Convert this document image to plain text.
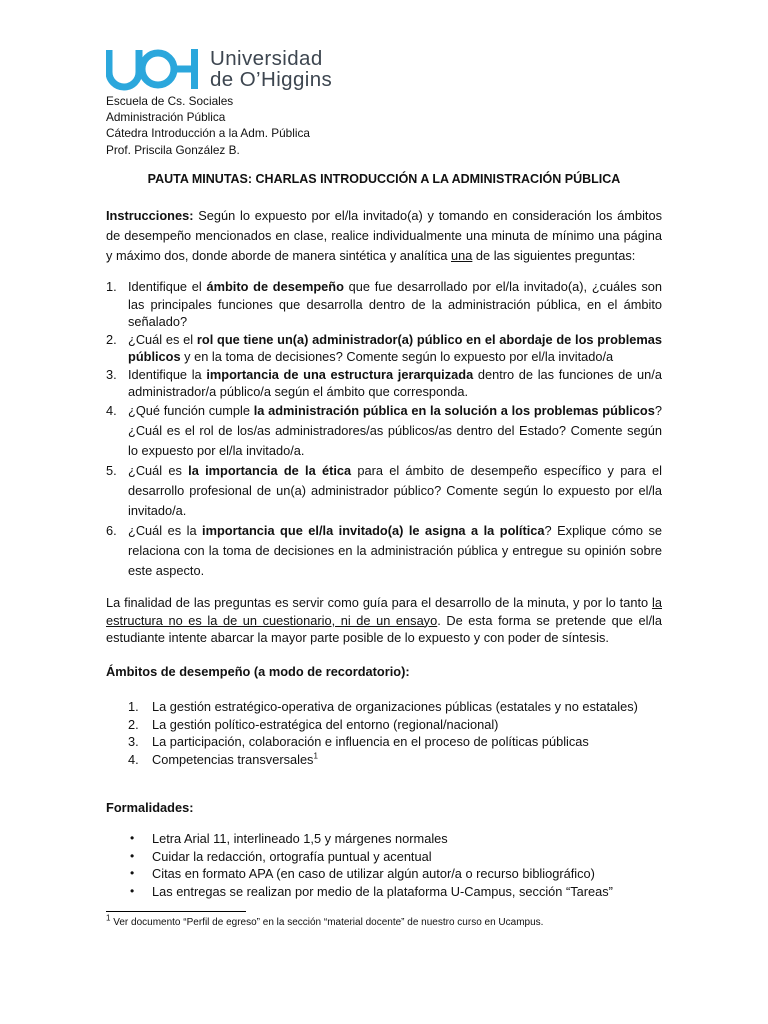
Universidad
de O’Higgins
Escuela de Cs. Sociales
Administración Pública
Cátedra Introducción a la Adm. Pública
Prof. Priscila González B.
PAUTA MINUTAS: CHARLAS INTRODUCCIÓN A LA ADMINISTRACIÓN PÚBLICA
Instrucciones: Según lo expuesto por el/la invitado(a) y tomando en consideración los ámbitos de desempeño mencionados en clase, realice individualmente una minuta de mínimo una página y máximo dos, donde aborde de manera sintética y analítica una de las siguientes preguntas:
1. Identifique el ámbito de desempeño que fue desarrollado por el/la invitado(a), ¿cuáles son las principales funciones que desarrolla dentro de la administración pública, en el ámbito señalado?
2. ¿Cuál es el rol que tiene un(a) administrador(a) público en el abordaje de los problemas públicos y en la toma de decisiones? Comente según lo expuesto por el/la invitado/a
3. Identifique la importancia de una estructura jerarquizada dentro de las funciones de un/a administrador/a público/a según el ámbito que corresponda.
4. ¿Qué función cumple la administración pública en la solución a los problemas públicos? ¿Cuál es el rol de los/as administradores/as públicos/as dentro del Estado? Comente según lo expuesto por el/la invitado/a.
5. ¿Cuál es la importancia de la ética para el ámbito de desempeño específico y para el desarrollo profesional de un(a) administrador público? Comente según lo expuesto por el/la invitado/a.
6. ¿Cuál es la importancia que el/la invitado(a) le asigna a la política? Explique cómo se relaciona con la toma de decisiones en la administración pública y entregue su opinión sobre este aspecto.
La finalidad de las preguntas es servir como guía para el desarrollo de la minuta, y por lo tanto la estructura no es la de un cuestionario, ni de un ensayo. De esta forma se pretende que el/la estudiante intente abarcar la mayor parte posible de lo expuesto y con poder de síntesis.
Ámbitos de desempeño (a modo de recordatorio):
1. La gestión estratégico-operativa de organizaciones públicas (estatales y no estatales)
2. La gestión político-estratégica del entorno (regional/nacional)
3. La participación, colaboración e influencia en el proceso de políticas públicas
4. Competencias transversales$^1$
Formalidades:
• Letra Arial 11, interlineado 1,5 y márgenes normales
• Cuidar la redacción, ortografía puntual y acentual
• Citas en formato APA (en caso de utilizar algún autor/a o recurso bibliográfico)
• Las entregas se realizan por medio de la plataforma U-Campus, sección “Tareas”
$^1$ Ver documento “Perfil de egreso” en la sección “material docente” de nuestro curso en Ucampus.
